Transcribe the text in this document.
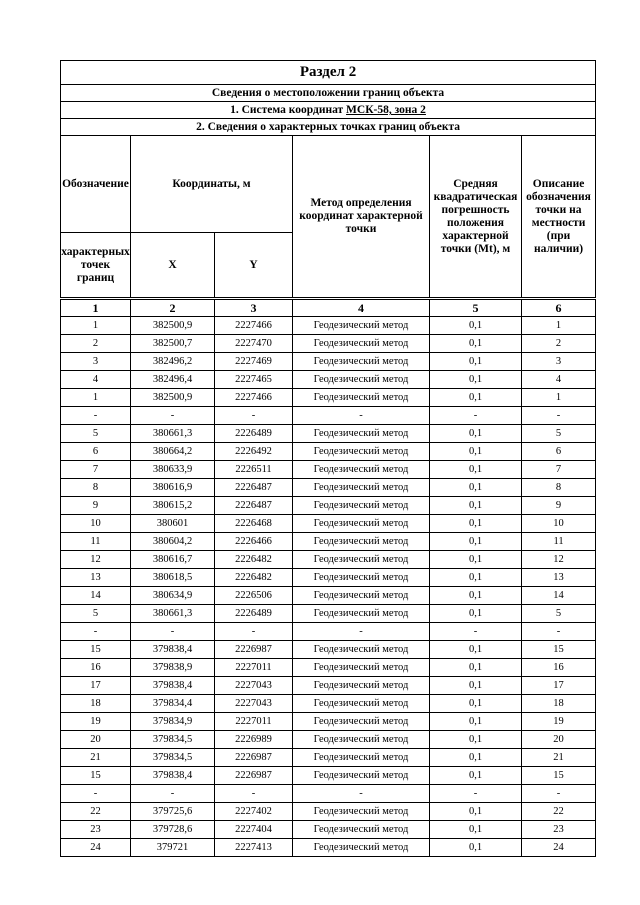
Раздел 2					
Сведения о местоположении границ объекта					
1. Система координат МСК-58, зона 2					
2. Сведения о характерных точках границ объекта					
Обозначение	Координаты, м		Метод определения координат характерной точки	Средняя квадратическая погрешность положения характерной точки (Mt), м	Описание обозначения точки на местности (при наличии)
характерных точек границ	X	Y			
1	2	3	4	5	6
1	382500,9	2227466	Геодезический метод	0,1	1
2	382500,7	2227470	Геодезический метод	0,1	2
3	382496,2	2227469	Геодезический метод	0,1	3
4	382496,4	2227465	Геодезический метод	0,1	4
1	382500,9	2227466	Геодезический метод	0,1	1
-	-	-	-	-	-
5	380661,3	2226489	Геодезический метод	0,1	5
6	380664,2	2226492	Геодезический метод	0,1	6
7	380633,9	2226511	Геодезический метод	0,1	7
8	380616,9	2226487	Геодезический метод	0,1	8
9	380615,2	2226487	Геодезический метод	0,1	9
10	380601	2226468	Геодезический метод	0,1	10
11	380604,2	2226466	Геодезический метод	0,1	11
12	380616,7	2226482	Геодезический метод	0,1	12
13	380618,5	2226482	Геодезический метод	0,1	13
14	380634,9	2226506	Геодезический метод	0,1	14
5	380661,3	2226489	Геодезический метод	0,1	5
-	-	-	-	-	-
15	379838,4	2226987	Геодезический метод	0,1	15
16	379838,9	2227011	Геодезический метод	0,1	16
17	379838,4	2227043	Геодезический метод	0,1	17
18	379834,4	2227043	Геодезический метод	0,1	18
19	379834,9	2227011	Геодезический метод	0,1	19
20	379834,5	2226989	Геодезический метод	0,1	20
21	379834,5	2226987	Геодезический метод	0,1	21
15	379838,4	2226987	Геодезический метод	0,1	15
-	-	-	-	-	-
22	379725,6	2227402	Геодезический метод	0,1	22
23	379728,6	2227404	Геодезический метод	0,1	23
24	379721	2227413	Геодезический метод	0,1	24
